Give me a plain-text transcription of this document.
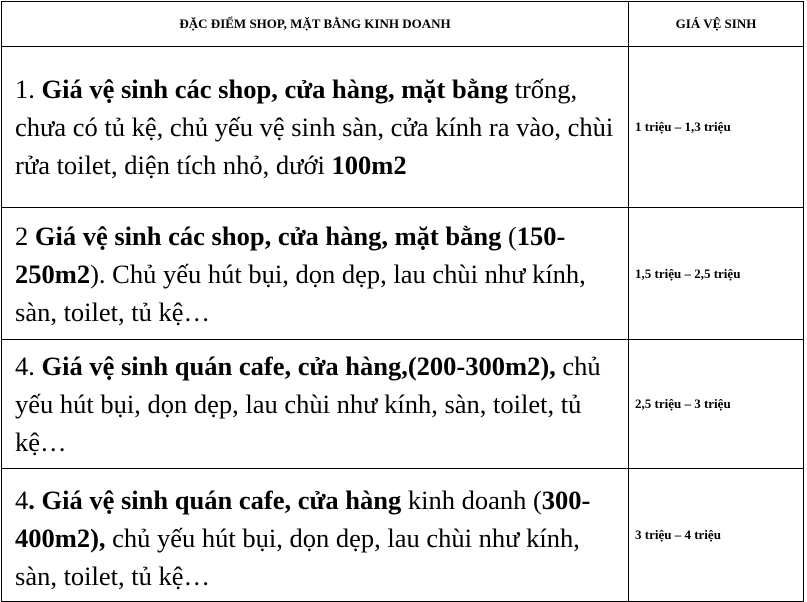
ĐẶC ĐIỂM SHOP, MẶT BẰNG KINH DOANH	GIÁ VỆ SINH
1. Giá vệ sinh các shop, cửa hàng, mặt bằng trống, chưa có tủ kệ, chủ yếu vệ sinh sàn, cửa kính ra vào, chùi rửa toilet, diện tích nhỏ, dưới 100m2	1 triệu – 1,3 triệu
2 Giá vệ sinh các shop, cửa hàng, mặt bằng (150-250m2). Chủ yếu hút bụi, dọn dẹp, lau chùi như kính, sàn, toilet, tủ kệ…	1,5 triệu – 2,5 triệu
4. Giá vệ sinh quán cafe, cửa hàng,(200-300m2), chủ yếu hút bụi, dọn dẹp, lau chùi như kính, sàn, toilet, tủ kệ…	2,5 triệu – 3 triệu
4. Giá vệ sinh quán cafe, cửa hàng kinh doanh (300-400m2), chủ yếu hút bụi, dọn dẹp, lau chùi như kính, sàn, toilet, tủ kệ…	3 triệu – 4 triệu
